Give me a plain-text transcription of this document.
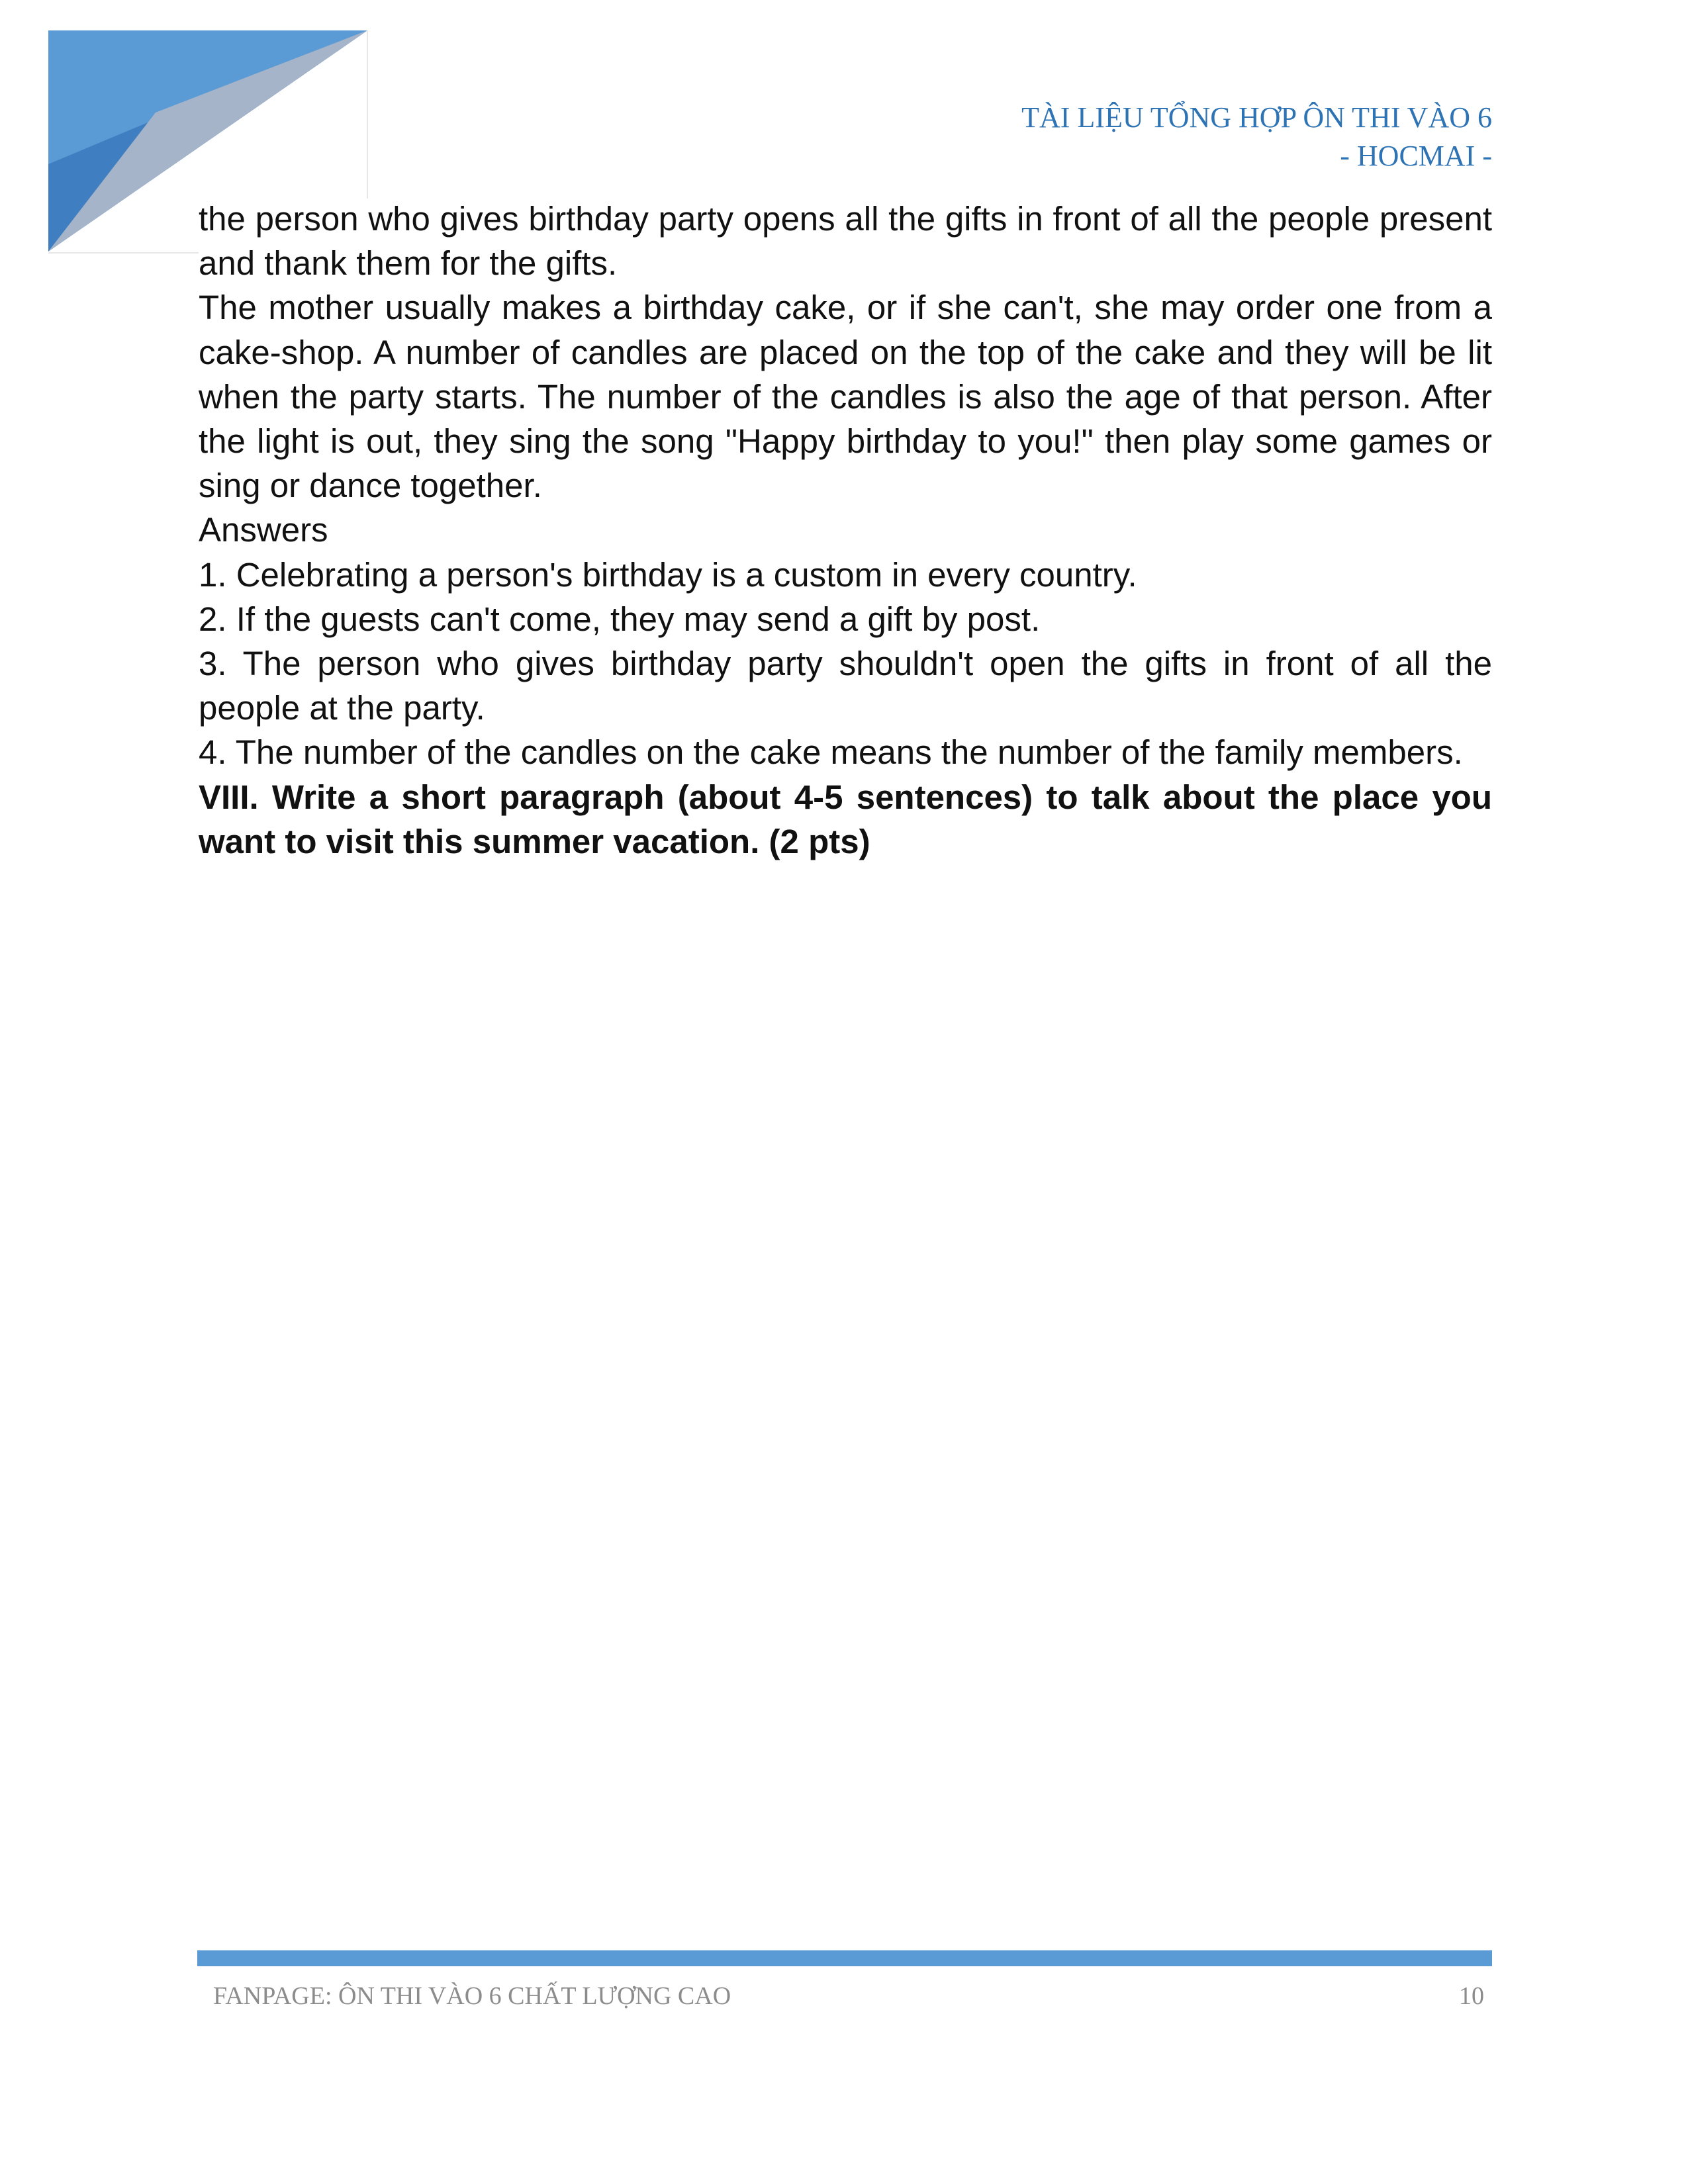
TÀI LIỆU TỔNG HỢP ÔN THI VÀO 6
- HOCMAI -

the person who gives birthday party opens all the gifts in front of all the people present and thank them for the gifts.

The mother usually makes a birthday cake, or if she can't, she may order one from a cake-shop. A number of candles are placed on the top of the cake and they will be lit when the party starts. The number of the candles is also the age of that person. After the light is out, they sing the song "Happy birthday to you!" then play some games or sing or dance together.

Answers

1. Celebrating a person's birthday is a custom in every country.

2. If the guests can't come, they may send a gift by post.

3. The person who gives birthday party shouldn't open the gifts in front of all the people at the party.

4. The number of the candles on the cake means the number of the family members.

VIII. Write a short paragraph (about 4-5 sentences) to talk about the place you want to visit this summer vacation. (2 pts)

FANPAGE: ÔN THI VÀO 6 CHẤT LƯỢNG CAO	10
